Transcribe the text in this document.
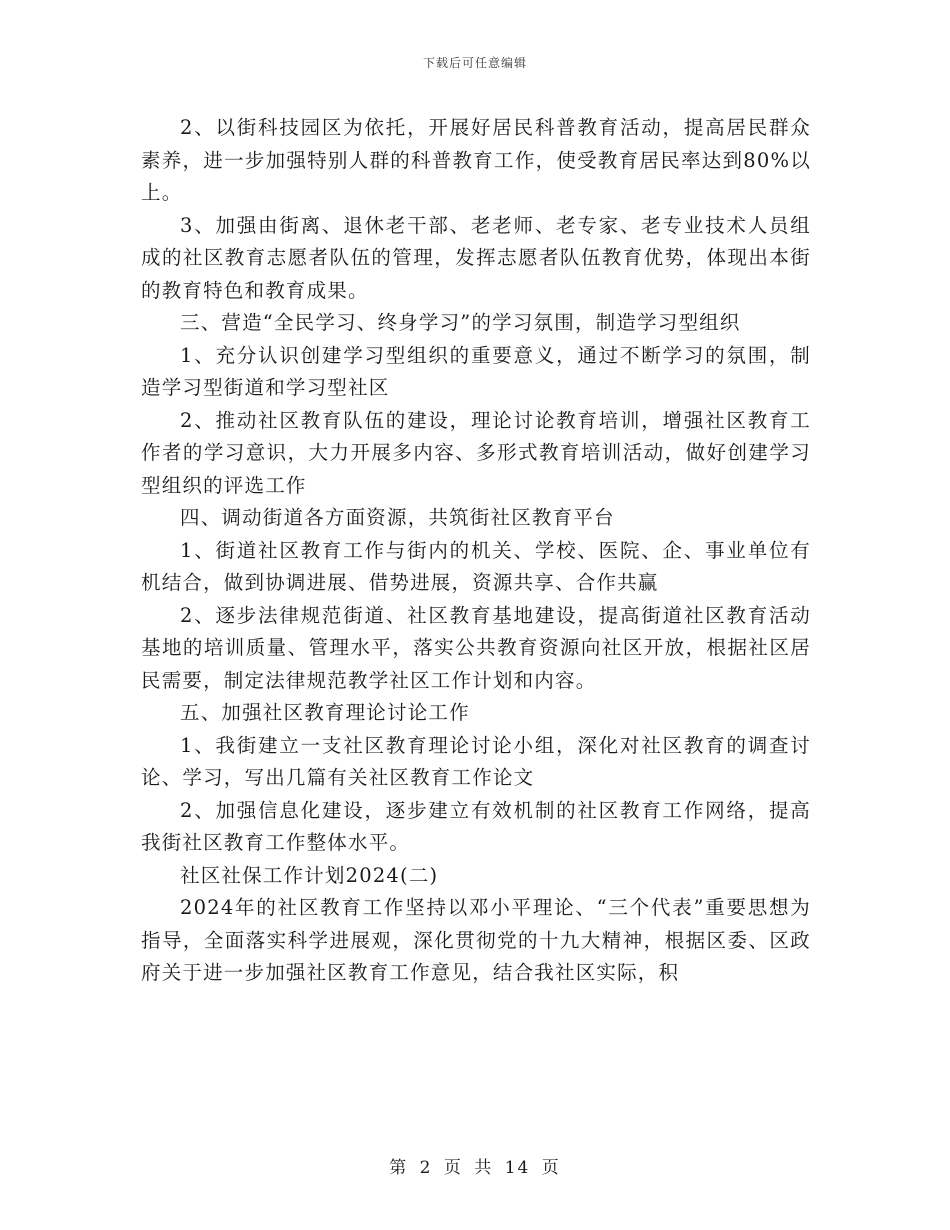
下载后可任意编辑

2、以街科技园区为依托，开展好居民科普教育活动，提高居民群众素养，进一步加强特别人群的科普教育工作，使受教育居民率达到80%以上。

3、加强由街离、退休老干部、老老师、老专家、老专业技术人员组成的社区教育志愿者队伍的管理，发挥志愿者队伍教育优势，体现出本街的教育特色和教育成果。

三、营造“全民学习、终身学习”的学习氛围，制造学习型组织

1、充分认识创建学习型组织的重要意义，通过不断学习的氛围，制造学习型街道和学习型社区

2、推动社区教育队伍的建设，理论讨论教育培训，增强社区教育工作者的学习意识，大力开展多内容、多形式教育培训活动，做好创建学习型组织的评选工作

四、调动街道各方面资源，共筑街社区教育平台

1、街道社区教育工作与街内的机关、学校、医院、企、事业单位有机结合，做到协调进展、借势进展，资源共享、合作共赢

2、逐步法律规范街道、社区教育基地建设，提高街道社区教育活动基地的培训质量、管理水平，落实公共教育资源向社区开放，根据社区居民需要，制定法律规范教学社区工作计划和内容。

五、加强社区教育理论讨论工作

1、我街建立一支社区教育理论讨论小组，深化对社区教育的调查讨论、学习，写出几篇有关社区教育工作论文

2、加强信息化建设，逐步建立有效机制的社区教育工作网络，提高我街社区教育工作整体水平。

社区社保工作计划2024(二)

2024年的社区教育工作坚持以邓小平理论、“三个代表”重要思想为指导，全面落实科学进展观，深化贯彻党的十九大精神，根据区委、区政府关于进一步加强社区教育工作意见，结合我社区实际，积

第 2 页 共 14 页
